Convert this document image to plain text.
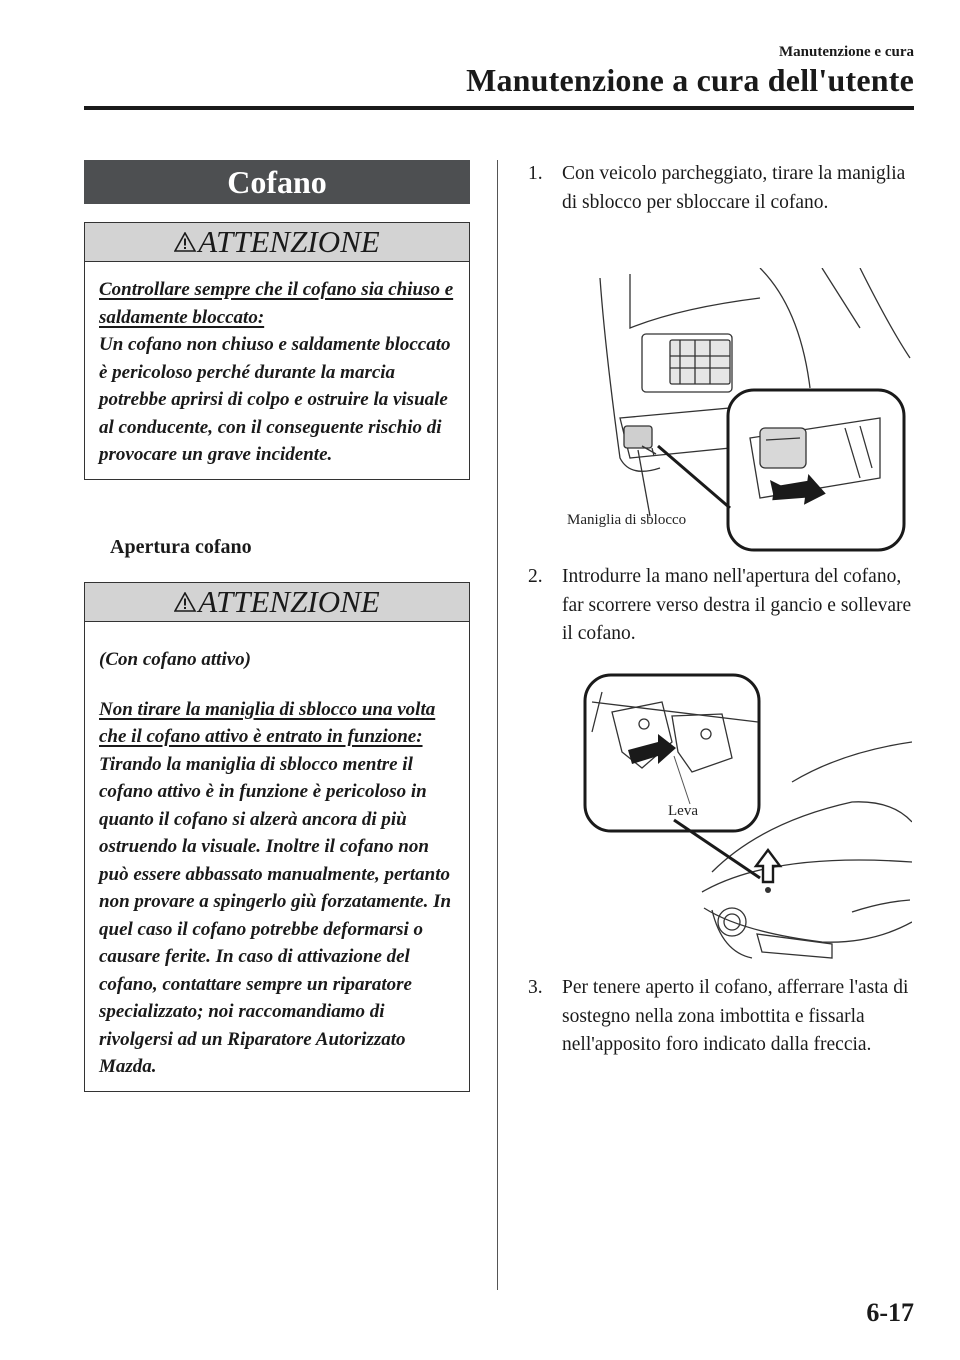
Manutenzione e cura
Manutenzione a cura dell'utente
Cofano
ATTENZIONE

Controllare sempre che il cofano sia chiuso e saldamente bloccato:

Un cofano non chiuso e saldamente bloccato è pericoloso perché durante la marcia potrebbe aprirsi di colpo e ostruire la visuale al conducente, con il conseguente rischio di provocare un grave incidente.

Apertura cofano
ATTENZIONE

(Con cofano attivo)

Non tirare la maniglia di sblocco una volta che il cofano attivo è entrato in funzione:

Tirando la maniglia di sblocco mentre il cofano attivo è in funzione è pericoloso in quanto il cofano si alzerà ancora di più ostruendo la visuale. Inoltre il cofano non può essere abbassato manualmente, pertanto non provare a spingerlo giù forzatamente. In quel caso il cofano potrebbe deformarsi o causare ferite. In caso di attivazione del cofano, contattare sempre un riparatore specializzato; noi raccomandiamo di rivolgersi ad un Riparatore Autorizzato Mazda.

1. Con veicolo parcheggiato, tirare la maniglia di sblocco per sbloccare il cofano.
Maniglia di sblocco
2. Introdurre la mano nell'apertura del cofano, far scorrere verso destra il gancio e sollevare il cofano.
Leva
3. Per tenere aperto il cofano, afferrare l'asta di sostegno nella zona imbottita e fissarla nell'apposito foro indicato dalla freccia.
6-17
